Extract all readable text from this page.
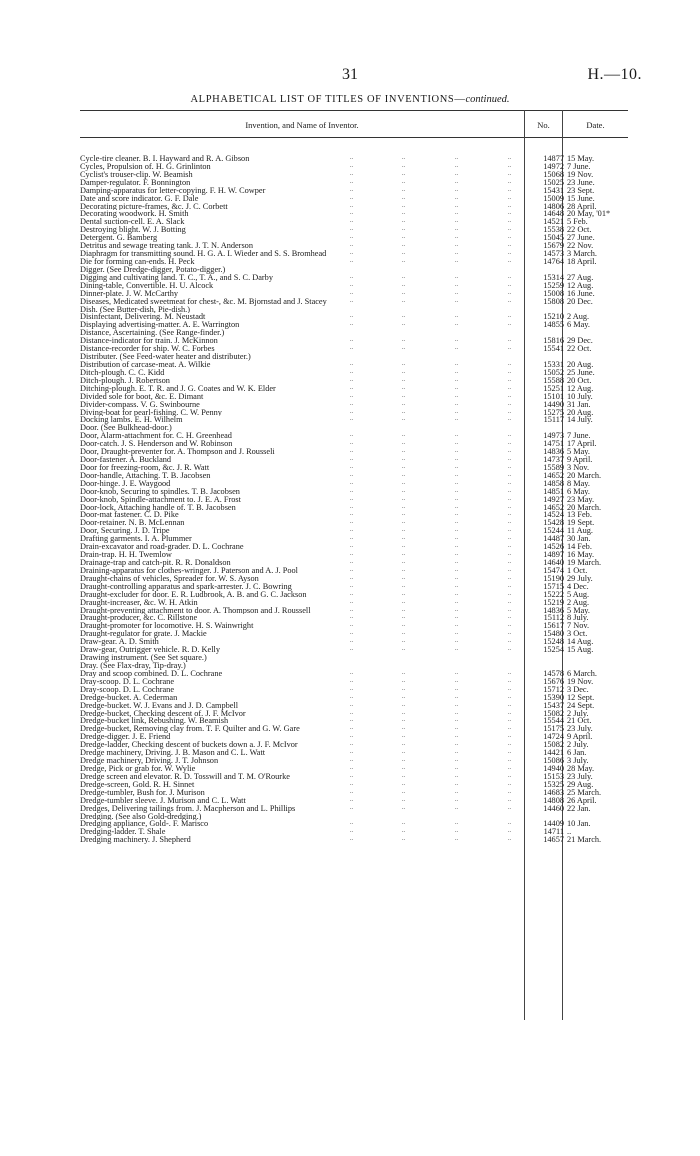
31	H.—10.
ALPHABETICAL LIST OF TITLES OF INVENTIONS—continued.
Invention, and Name of Inventor.	No.	Date.
Cycle-tire cleaner. B. I. Hayward and R. A. Gibson	..	..	..	..	14877 15 May.
Cycles, Propulsion of. H. G. Grinlinton	..	..	..	..	14972 7 June.
Cyclist's trouser-clip. W. Beamish	..	..	..	..	15068 19 Nov.
Damper-regulator. F. Bonnington	..	..	..	..	15025 23 June.
Damping-apparatus for letter-copying. F. H. W. Cowper	..	..	..	..	15431 23 Sept.
Date and score indicator. G. F. Dale	..	..	..	..	15009 15 June.
Decorating picture-frames, &c. J. C. Corbett	..	..	..	..	14806 28 April.
Decorating woodwork. H. Smith	..	..	..	..	14648 20 May, '01*
Dental suction-cell. E. A. Slack	..	..	..	..	14521 5 Feb.
Destroying blight. W. J. Botting	..	..	..	..	15538 22 Oct.
Detergent. G. Bamberg	..	..	..	..	15045 27 June.
Detritus and sewage treating tank. J. T. N. Anderson	..	..	..	..	15679 22 Nov.
Diaphragm for transmitting sound. H. G. A. I. Wieder and S. S. Bromhead	..	..	..	..	14573 3 March.
Die for forming can-ends. H. Peck	..	..	..	..	14764 18 April.
Digger. (See Dredge-digger, Potato-digger.)
Digging and cultivating land. T. C., T. A., and S. C. Darby	..	..	..	..	15314 27 Aug.
Dining-table, Convertible. H. U. Alcock	..	..	..	..	15259 12 Aug.
Dinner-plate. J. W. McCarthy	..	..	..	..	15008 16 June.
Diseases, Medicated sweetmeat for chest-, &c. M. Bjornstad and J. Stacey	..	..	..	..	15808 20 Dec.
Dish. (See Butter-dish, Pie-dish.)
Disinfectant, Delivering. M. Neustadt	..	..	..	..	15210 2 Aug.
Displaying advertising-matter. A. E. Warrington	..	..	..	..	14855 6 May.
Distance, Ascertaining. (See Range-finder.)
Distance-indicator for train. J. McKinnon	..	..	..	..	15816 29 Dec.
Distance-recorder for ship. W. C. Forbes	..	..	..	..	15541 22 Oct.
Distributer. (See Feed-water heater and distributer.)
Distribution of carcase-meat. A. Wilkie	..	..	..	..	15331 20 Aug.
Ditch-plough. C. C. Kidd	..	..	..	..	15052 25 June.
Ditch-plough. J. Robertson	..	..	..	..	15588 20 Oct.
Ditching-plough. E. T. R. and J. G. Coates and W. K. Elder	..	..	..	..	15251 12 Aug.
Divided sole for boot, &c. E. Dimant	..	..	..	..	15101 10 July.
Divider-compass. V. G. Swinbourne	..	..	..	..	14490 31 Jan.
Diving-boat for pearl-fishing. C. W. Penny	..	..	..	..	15275 20 Aug.
Docking lambs. E. H. Wilhelm	..	..	..	..	15117 14 July.
Door. (See Bulkhead-door.)
Door, Alarm-attachment for. C. H. Greenhead	..	..	..	..	14973 7 June.
Door-catch. J. S. Henderson and W. Robinson	..	..	..	..	14751 17 April.
Door, Draught-preventer for. A. Thompson and J. Rousseli	..	..	..	..	14836 5 May.
Door-fastener. A. Buckland	..	..	..	..	14737 9 April.
Door for freezing-room, &c. J. R. Watt	..	..	..	..	15589 3 Nov.
Door-handle, Attaching. T. B. Jacobsen	..	..	..	..	14652 20 March.
Door-hinge. J. E. Waygood	..	..	..	..	14858 8 May.
Door-knob, Securing to spindles. T. B. Jacobsen	..	..	..	..	14851 6 May.
Door-knob, Spindle-attachment to. J. E. A. Frost	..	..	..	..	14927 23 May.
Door-lock, Attaching handle of. T. B. Jacobsen	..	..	..	..	14652 20 March.
Door-mat fastener. C. D. Pike	..	..	..	..	14524 13 Feb.
Door-retainer. N. B. McLennan	..	..	..	..	15428 19 Sept.
Door, Securing. J. D. Tripe	..	..	..	..	15244 11 Aug.
Drafting garments. I. A. Plummer	..	..	..	..	14487 30 Jan.
Drain-excavator and road-grader. D. L. Cochrane	..	..	..	..	14526 14 Feb.
Drain-trap. H. H. Twemlow	..	..	..	..	14897 16 May.
Drainage-trap and catch-pit. R. R. Donaldson	..	..	..	..	14640 19 March.
Draining-apparatus for clothes-wringer. J. Paterson and A. J. Pool	..	..	..	..	15474 1 Oct.
Draught-chains of vehicles, Spreader for. W. S. Ayson	..	..	..	..	15190 29 July.
Draught-controlling apparatus and spark-arrester. J. C. Bowring	..	..	..	..	15715 4 Dec.
Draught-excluder for door. E. R. Ludbrook, A. B. and G. C. Jackson	..	..	..	..	15222 5 Aug.
Draught-increaser, &c. W. H. Atkin	..	..	..	..	15219 2 Aug.
Draught-preventing attachment to door. A. Thompson and J. Roussell	..	..	..	..	14836 5 May.
Draught-producer, &c. C. Rillstone	..	..	..	..	15112 8 July.
Draught-promoter for locomotive. H. S. Wainwright	..	..	..	..	15617 7 Nov.
Draught-regulator for grate. J. Mackie	..	..	..	..	15480 3 Oct.
Draw-gear. A. D. Smith	..	..	..	..	15248 14 Aug.
Draw-gear, Outrigger vehicle. R. D. Kelly	..	..	..	..	15254 15 Aug.
Drawing instrument. (See Set square.)
Dray. (See Flax-dray, Tip-dray.)
Dray and scoop combined. D. L. Cochrane	..	..	..	..	14578 6 March.
Dray-scoop. D. L. Cochrane	..	..	..	..	15676 19 Nov.
Dray-scoop. D. L. Cochrane	..	..	..	..	15712 3 Dec.
Dredge-bucket. A. Cederman	..	..	..	..	15390 12 Sept.
Dredge-bucket. W. J. Evans and J. D. Campbell	..	..	..	..	15437 24 Sept.
Dredge-bucket, Checking descent of. J. F. McIvor	..	..	..	..	15082 2 July.
Dredge-bucket link, Rebushing. W. Beamish	..	..	..	..	15544 21 Oct.
Dredge-bucket, Removing clay from. T. F. Quilter and G. W. Gare	..	..	..	..	15175 23 July.
Dredge-digger. J. E. Friend	..	..	..	..	14724 9 April.
Dredge-ladder, Checking descent of buckets down a. J. F. McIvor	..	..	..	..	15082 2 July.
Dredge machinery, Driving. J. B. Mason and C. L. Watt	..	..	..	..	14421 6 Jan.
Dredge machinery, Driving. J. T. Johnson	..	..	..	..	15086 3 July.
Dredge, Pick or grab for. W. Wylie	..	..	..	..	14940 28 May.
Dredge screen and elevator. R. D. Tosswill and T. M. O'Rourke	..	..	..	..	15153 23 July.
Dredge-screen, Gold. R. H. Sinnet	..	..	..	..	15325 29 Aug.
Dredge-tumbler, Bush for. J. Murison	..	..	..	..	14683 25 March.
Dredge-tumbler sleeve. J. Murison and C. L. Watt	..	..	..	..	14808 26 April.
Dredges, Delivering tailings from. J. Macpherson and L. Phillips	..	..	..	..	14460 22 Jan.
Dredging. (See also Gold-dredging.)
Dredging appliance, Gold-. F. Marisco	..	..	..	..	14409 10 Jan.
Dredging-ladder. T. Shale	..	..	..	..	14711 ..
Dredging machinery. J. Shepherd	..	..	..	..	14657 21 March.
